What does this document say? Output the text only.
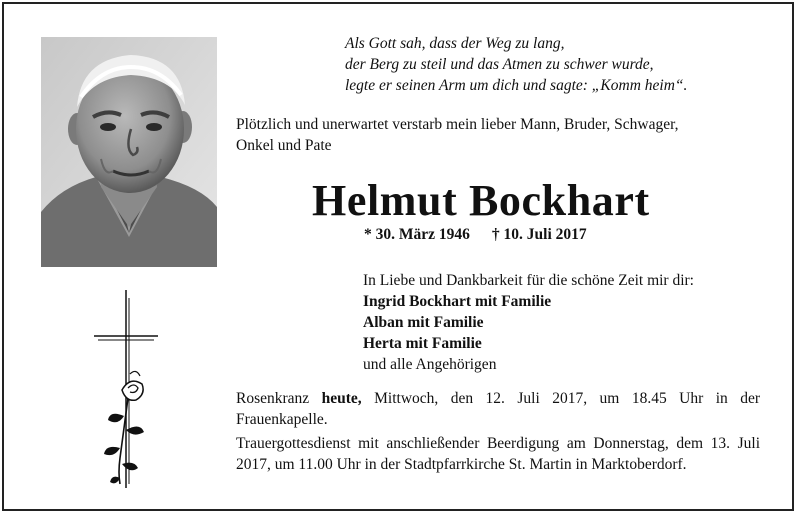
Als Gott sah, dass der Weg zu lang,
der Berg zu steil und das Atmen zu schwer wurde,
legte er seinen Arm um dich und sagte: „Komm heim“.
Plötzlich und unerwartet verstarb mein lieber Mann, Bruder, Schwager,
Onkel und Pate
Helmut Bockhart
* 30. März 1946 † 10. Juli 2017
In Liebe und Dankbarkeit für die schöne Zeit mir dir:
Ingrid Bockhart mit Familie
Alban mit Familie
Herta mit Familie
und alle Angehörigen

Rosenkranz heute, Mittwoch, den 12. Juli 2017, um 18.45 Uhr in der Frauenkapelle.

Trauergottesdienst mit anschließender Beerdigung am Donnerstag, dem 13. Juli 2017, um 11.00 Uhr in der Stadtpfarrkirche St. Martin in Marktoberdorf.
